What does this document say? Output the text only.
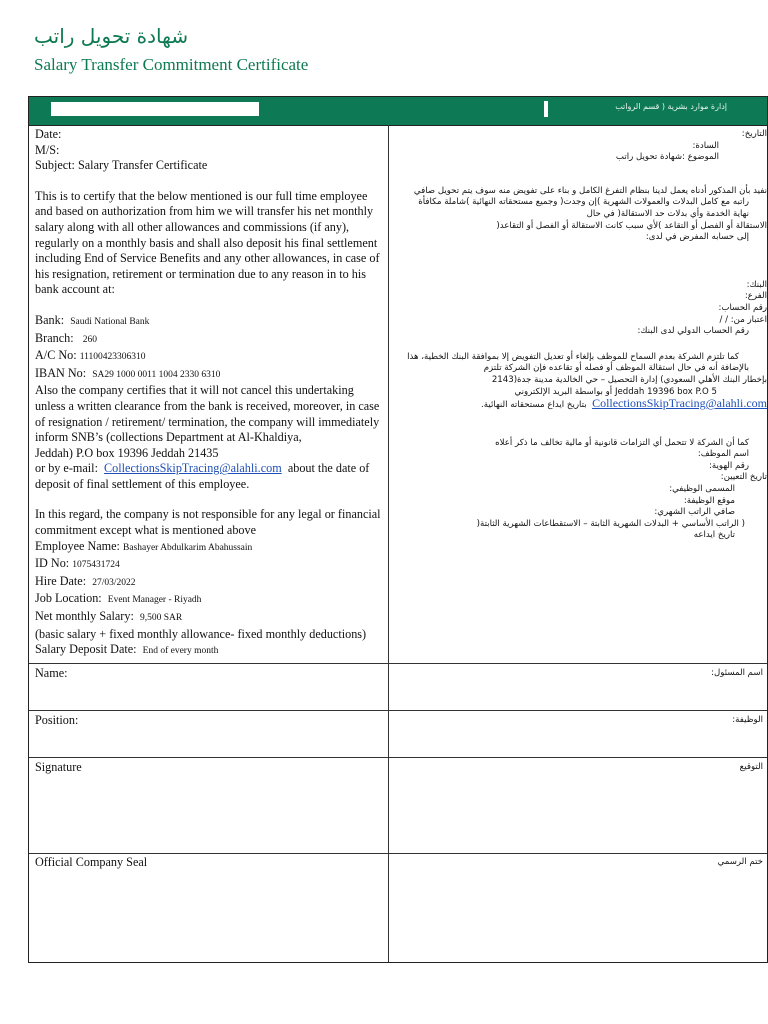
شهادة تحويل راتب
Salary Transfer Commitment Certificate
إدارة موارد بشرية ( قسم الرواتب
Date:
M/S:
Subject: Salary Transfer Certificate
This is to certify that the below mentioned is our full time employee and based on authorization from him we will transfer his net monthly salary along with all other allowances and commissions (if any), regularly on a monthly basis and shall also deposit his final settlement including End of Service Benefits and any other allowances, in case of his resignation, retirement or termination due to any reason in to his bank account at:
Bank: Saudi National Bank
Branch: 260
A/C No: 11100423306310
IBAN No: SA29 1000 0011 1004 2330 6310
Also the company certifies that it will not cancel this undertaking unless a written clearance from the bank is received, moreover, in case of resignation / retirement/ termination, the company will immediately inform SNB’s (collections Department at Al-Khaldiya,
Jeddah) P.O box 19396 Jeddah 21435
or by e-mail: CollectionsSkipTracing@alahli.com about the date of deposit of final settlement of this employee.
In this regard, the company is not responsible for any legal or financial commitment except what is mentioned above
Employee Name: Bashayer Abdulkarim Abahussain
ID No: 1075431724
Hire Date: 27/03/2022
Job Location: Event Manager - Riyadh
Net monthly Salary: 9,500 SAR
(basic salary + fixed monthly allowance- fixed monthly deductions) Salary Deposit Date: End of every month
التاريخ:
السادة:
الموضوع :شهادة تحويل راتب
نفيد بأن المذكور أدناه يعمل لدينا بنظام التفرغ الكامل و بناء على تفويض منه سوف يتم تحويل صافي
راتبه مع كامل البدلات والعمولات الشهرية )إن وجدت( وجميع مستحقاته النهائية )شاملة مكافأة
نهاية الخدمة وأي بدلات حد الاستقالة( في حال
الاستقالة أو الفصل أو التقاعد )لأي سبب كانت الاستقالة أو الفصل أو التقاعد(
إلى حسابه المفرض في لدى:
البنك:
الفرع:
رقم الحساب:
اعتبار من: / /
رقم الحساب الدولي لدى البنك:
كما تلتزم الشركة بعدم السماح للموظف بإلغاء أو تعديل التفويض إلا بموافقة البنك الخطية، هذا
بالإضافة أنه في حال استقالة الموظف أو فصله أو تقاعده فإن الشركة تلتزم
بإخطار البنك الأهلي السعودي) إدارة التحصيل – حي الخالدية مدينة جدة(2143
Jeddah 19396 box P.O 5 أو بواسطة البريد الإلكتروني
CollectionsSkipTracing@alahli.com  بتاريخ ايداع مستحقاته النهائية.
كما أن الشركة لا تتحمل أي التزامات قانونية أو مالية تخالف ما ذكر أعلاه
اسم الموظف:
رقم الهوية:
تاريخ التعيين:
المسمى الوظيفي:
موقع الوظيفة:
صافي الراتب الشهري:
( الراتب الأساسي + البدلات الشهرية الثابتة – الاستقطاعات الشهرية الثابتة(
تاريخ ايداعه
Name:	اسم المسئول:
Position:	الوظيفة:
Signature	التوقيع
Official Company Seal	ختم الرسمي
